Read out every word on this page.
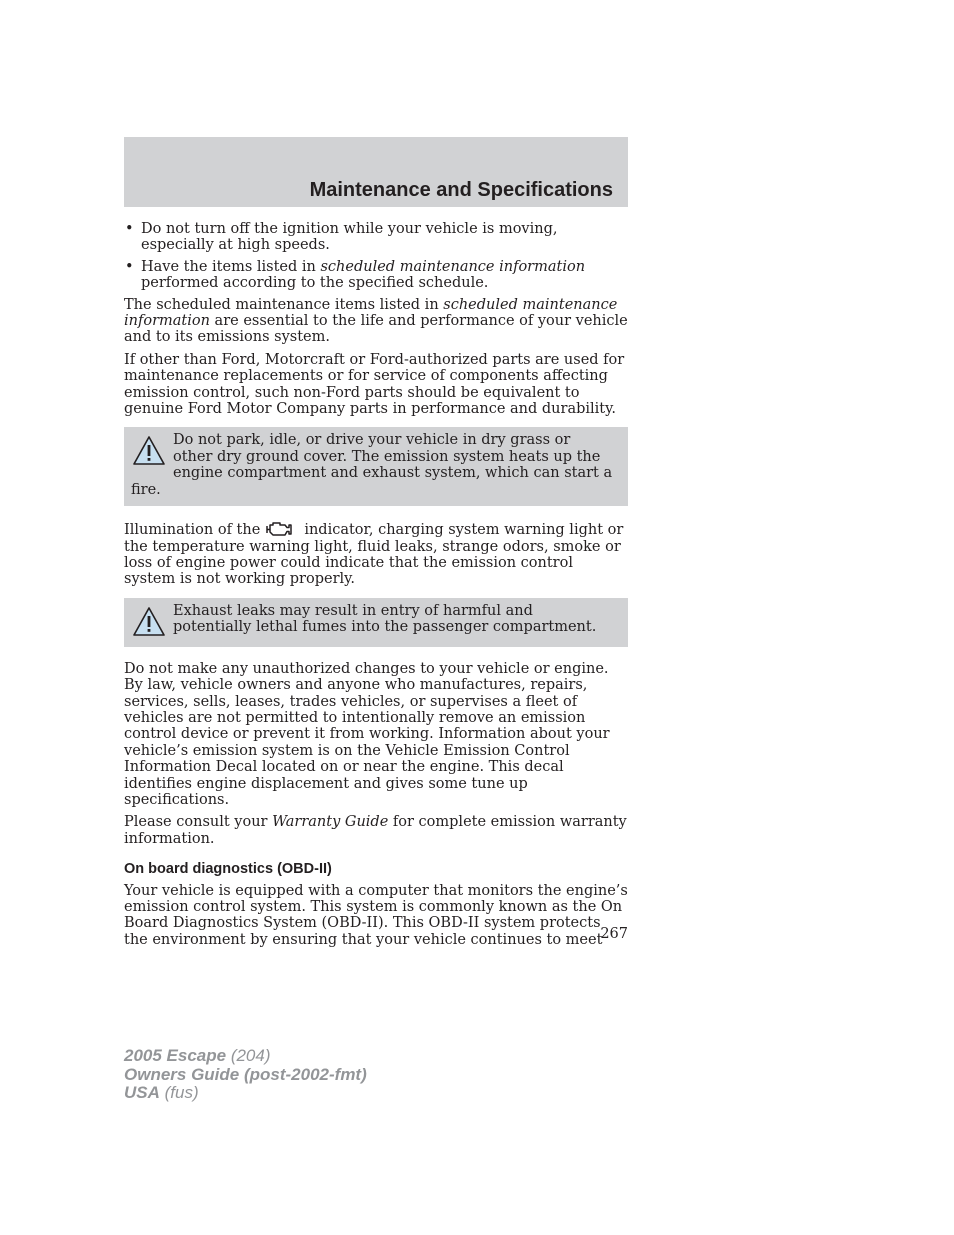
Maintenance and Specifications
• Do not turn off the ignition while your vehicle is moving, especially at high speeds.
• Have the items listed in scheduled maintenance information performed according to the specified schedule.

The scheduled maintenance items listed in scheduled maintenance information are essential to the life and performance of your vehicle and to its emissions system.

If other than Ford, Motorcraft or Ford-authorized parts are used for maintenance replacements or for service of components affecting emission control, such non-Ford parts should be equivalent to genuine Ford Motor Company parts in performance and durability.

Do not park, idle, or drive your vehicle in dry grass or other dry ground cover. The emission system heats up the engine compartment and exhaust system, which can start a fire.

Illumination of the	indicator, charging system warning light or the temperature warning light, fluid leaks, strange odors, smoke or loss of engine power could indicate that the emission control system is not working properly.

Exhaust leaks may result in entry of harmful and potentially lethal fumes into the passenger compartment.

Do not make any unauthorized changes to your vehicle or engine. By law, vehicle owners and anyone who manufactures, repairs, services, sells, leases, trades vehicles, or supervises a fleet of vehicles are not permitted to intentionally remove an emission control device or prevent it from working. Information about your vehicle’s emission system is on the Vehicle Emission Control Information Decal located on or near the engine. This decal identifies engine displacement and gives some tune up specifications.

Please consult your Warranty Guide for complete emission warranty information.

On board diagnostics (OBD-II)

Your vehicle is equipped with a computer that monitors the engine’s emission control system. This system is commonly known as the On Board Diagnostics System (OBD-II). This OBD-II system protects the environment by ensuring that your vehicle continues to meet

267
2005 Escape (204)
Owners Guide (post-2002-fmt)
USA (fus)
